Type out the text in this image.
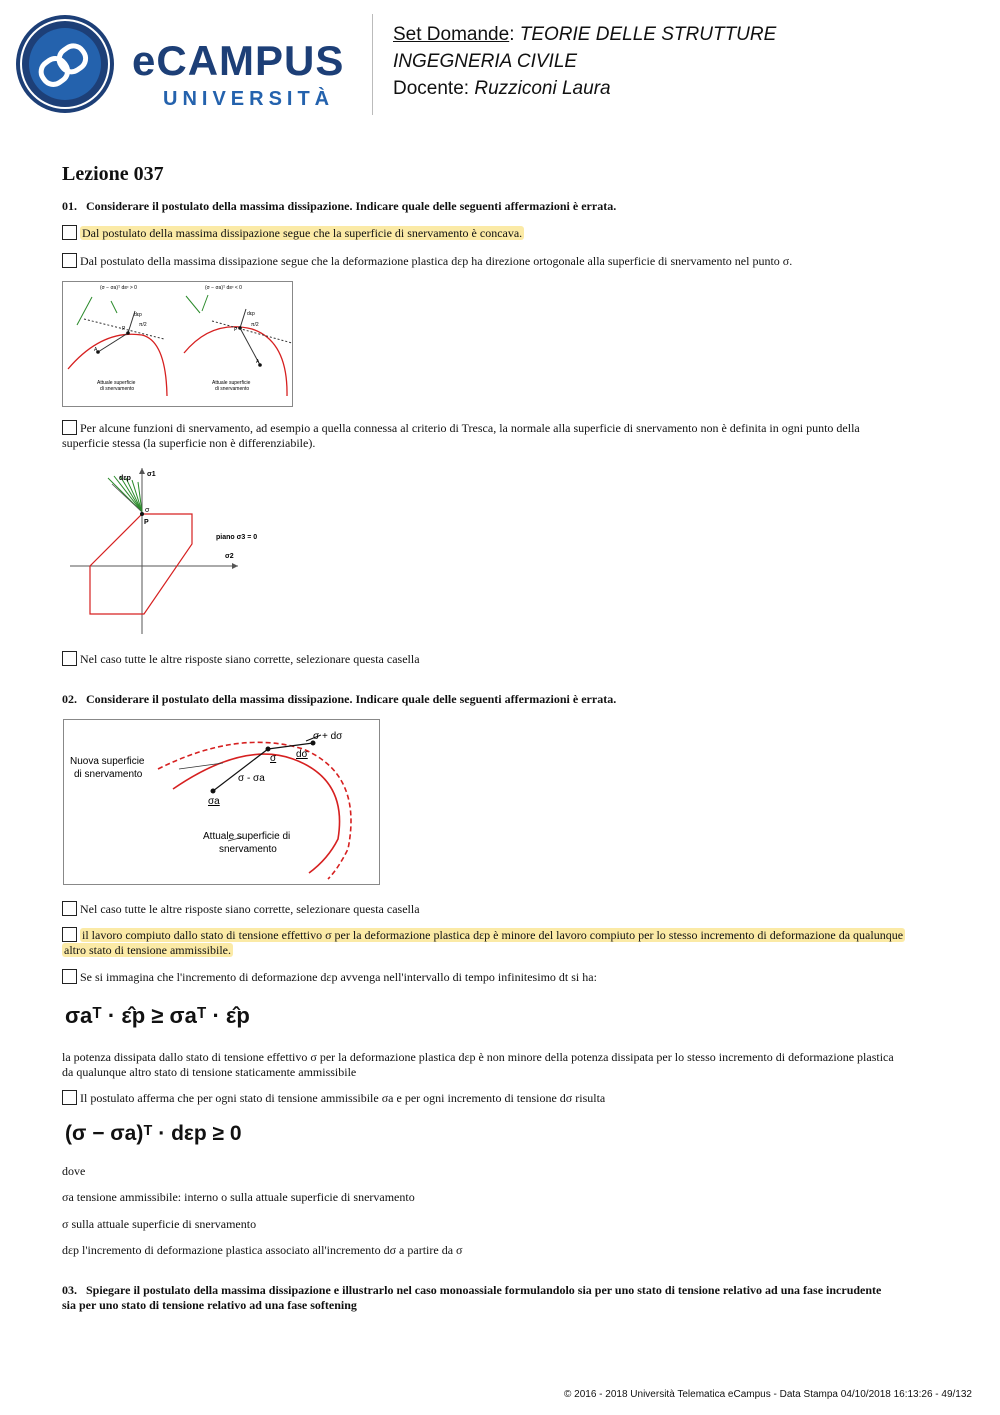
eCAMPUS
UNIVERSITÀ
Set Domande: TEORIE DELLE STRUTTURE
INGEGNERIA CIVILE
Docente: Ruzziconi Laura
Lezione 037
01. Considerare il postulato della massima dissipazione. Indicare quale delle seguenti affermazioni è errata.
Dal postulato della massima dissipazione segue che la superficie di snervamento è concava.
Dal postulato della massima dissipazione segue che la deformazione plastica dεp ha direzione ortogonale alla superficie di snervamento nel punto σ.
(σ − σa)ᵀ dεᵖ > 0
dεp
π/2
P
A
Attuale superficie
di snervamento
(σ − σa)ᵀ dεᵖ < 0
dεp
π/2
P
A
Attuale superficie
di snervamento
Per alcune funzioni di snervamento, ad esempio a quella connessa al criterio di Tresca, la normale alla superficie di snervamento non è definita in ogni punto della
superficie stessa (la superficie non è differenziabile).
dεp
σ1
σ
P
piano σ3 = 0
σ2
Nel caso tutte le altre risposte siano corrette, selezionare questa casella
02. Considerare il postulato della massima dissipazione. Indicare quale delle seguenti affermazioni è errata.
Nuova superficie
di snervamento
Attuale superficie di
snervamento
σ + dσ
σ dσ
σ - σa
σa
Nel caso tutte le altre risposte siano corrette, selezionare questa casella
il lavoro compiuto dallo stato di tensione effettivo σ per la deformazione plastica dεp è minore del lavoro compiuto per lo stesso incremento di deformazione da qualunque
altro stato di tensione ammissibile.
Se si immagina che l'incremento di deformazione dεp avvenga nell'intervallo di tempo infinitesimo dt si ha:
σaᵀ · ε̂p ≥ σaᵀ · ε̂p
la potenza dissipata dallo stato di tensione effettivo σ per la deformazione plastica dεp è non minore della potenza dissipata per lo stesso incremento di deformazione plastica
da qualunque altro stato di tensione staticamente ammissibile
Il postulato afferma che per ogni stato di tensione ammissibile σa e per ogni incremento di tensione dσ risulta
(σ − σa)ᵀ · dεp ≥ 0
dove
σa tensione ammissibile: interno o sulla attuale superficie di snervamento
σ sulla attuale superficie di snervamento
dεp l'incremento di deformazione plastica associato all'incremento dσ a partire da σ
03. Spiegare il postulato della massima dissipazione e illustrarlo nel caso monoassiale formulandolo sia per uno stato di tensione relativo ad una fase incrudente
sia per uno stato di tensione relativo ad una fase softening
© 2016 - 2018 Università Telematica eCampus - Data Stampa 04/10/2018 16:13:26 - 49/132
